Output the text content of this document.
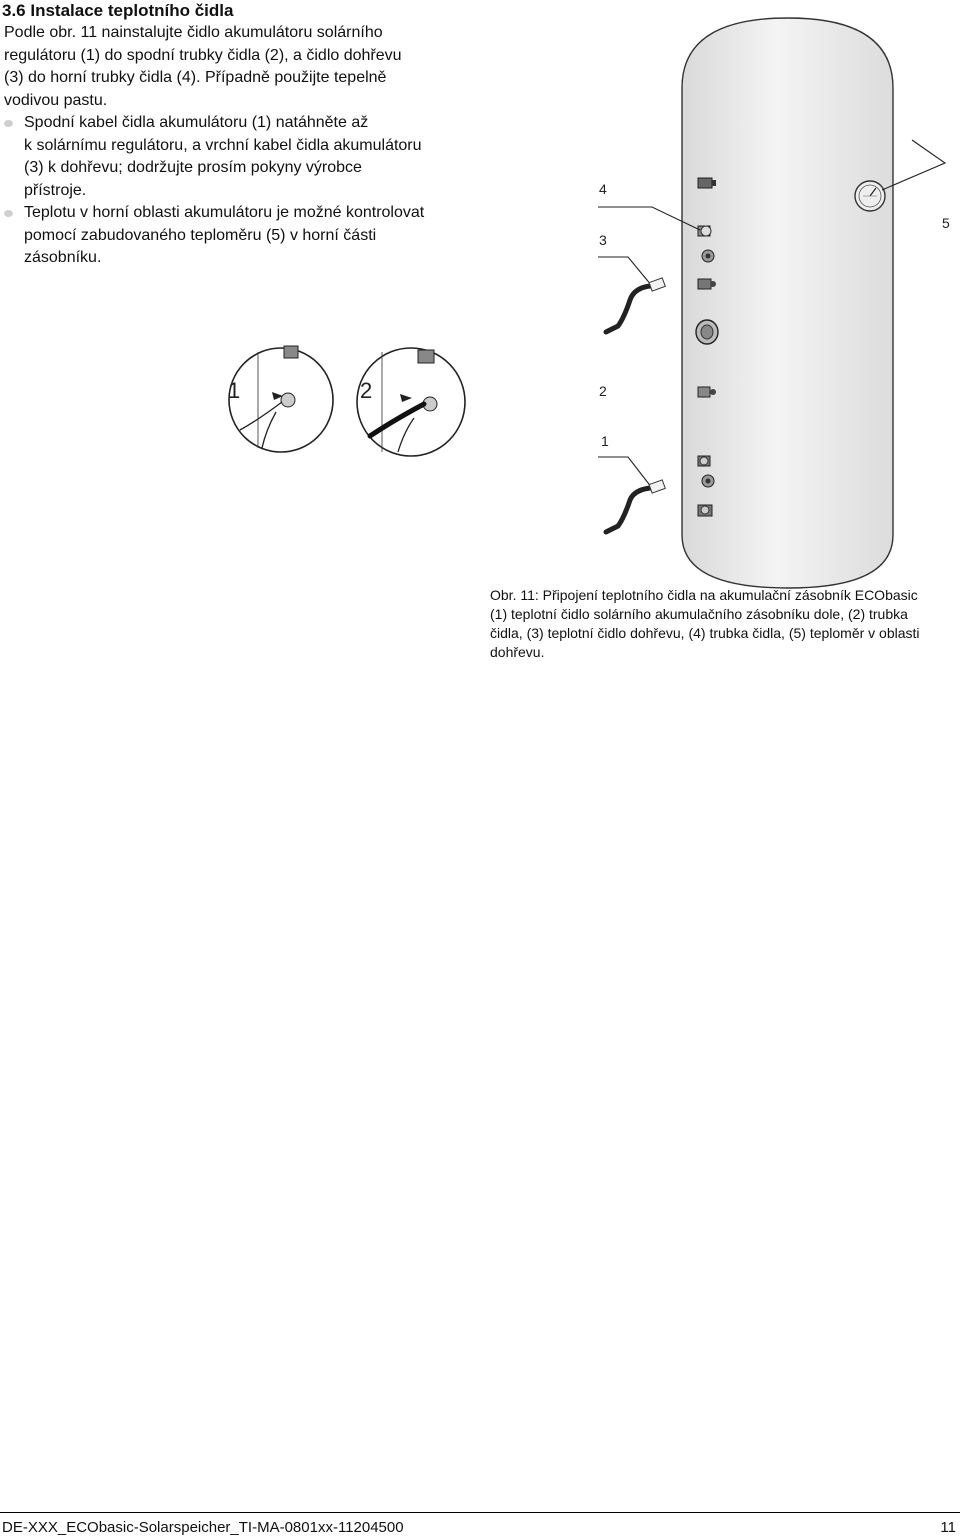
3.6 Instalace teplotního čidla

Podle obr. 11 nainstalujte čidlo akumulátoru solárního
regulátoru (1) do spodní trubky čidla (2), a čidlo dohřevu
(3) do horní trubky čidla (4). Případně použijte tepelně
vodivou pastu.

Spodní kabel čidla akumulátoru (1) natáhněte až
k solárnímu regulátoru, a vrchní kabel čidla akumulátoru
(3) k dohřevu; dodržujte prosím pokyny výrobce
přístroje.
Teplotu v horní oblasti akumulátoru je možné kontrolovat
pomocí zabudovaného teploměru (5) v horní části
zásobníku.
4
3
5
2
1
1	2

Obr. 11: Připojení teplotního čidla na akumulační zásobník ECObasic
(1) teplotní čidlo solárního akumulačního zásobníku dole, (2) trubka
čidla, (3) teplotní čidlo dohřevu, (4) trubka čidla, (5) teploměr v oblasti
dohřevu.

DE-XXX_ECObasic-Solarspeicher_TI-MA-0801xx-11204500	11
